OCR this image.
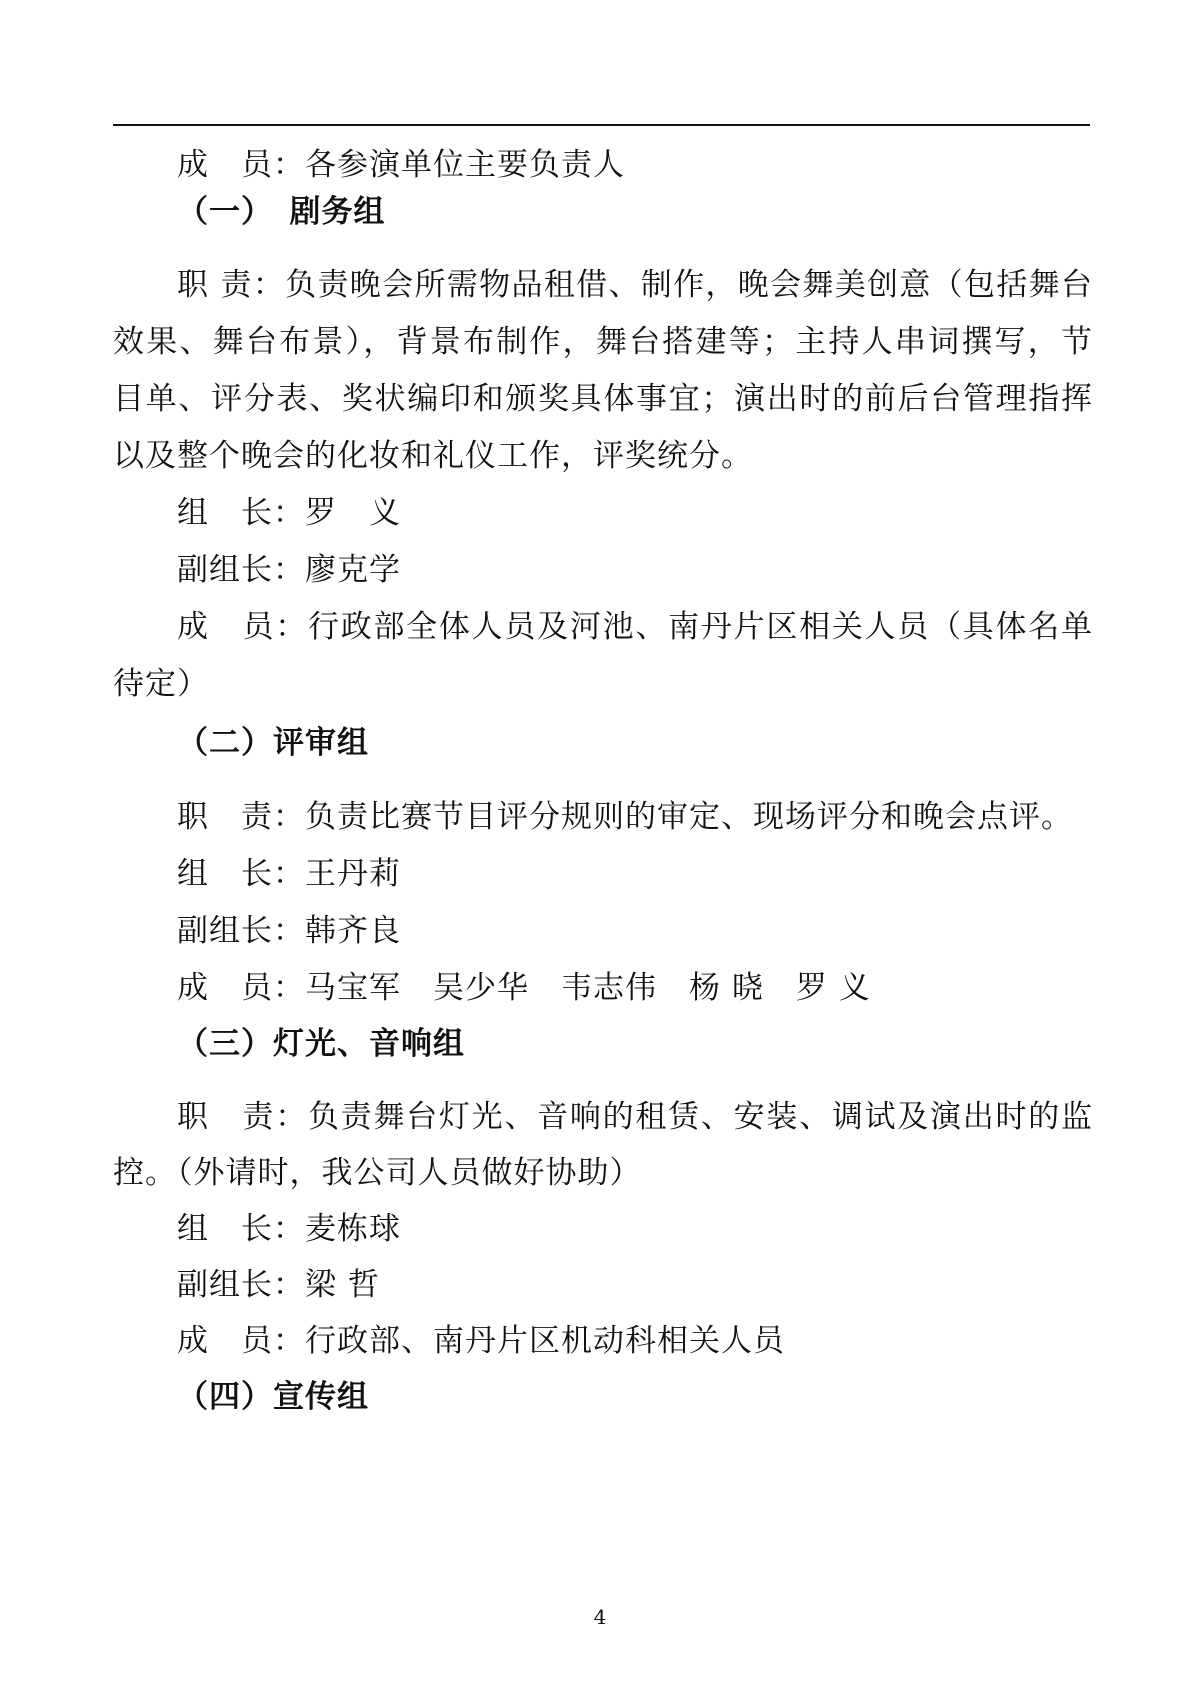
成　员：各参演单位主要负责人
（一）　剧务组
职 责：负责晚会所需物品租借、制作，晚会舞美创意（包括舞台
效果、舞台布景），背景布制作，舞台搭建等；主持人串词撰写，节
目单、评分表、奖状编印和颁奖具体事宜；演出时的前后台管理指挥
以及整个晚会的化妆和礼仪工作，评奖统分。
组　长：罗　义
副组长：廖克学
成　员：行政部全体人员及河池、南丹片区相关人员（具体名单
待定）
（二）评审组
职　责：负责比赛节目评分规则的审定、现场评分和晚会点评。
组　长：王丹莉
副组长：韩齐良
成　员：马宝军　吴少华　韦志伟　杨 晓　罗 义
（三）灯光、音响组
职　责：负责舞台灯光、音响的租赁、安装、调试及演出时的监
控。（外请时，我公司人员做好协助）
组　长：麦栋球
副组长：梁 哲
成　员：行政部、南丹片区机动科相关人员
（四）宣传组
4
